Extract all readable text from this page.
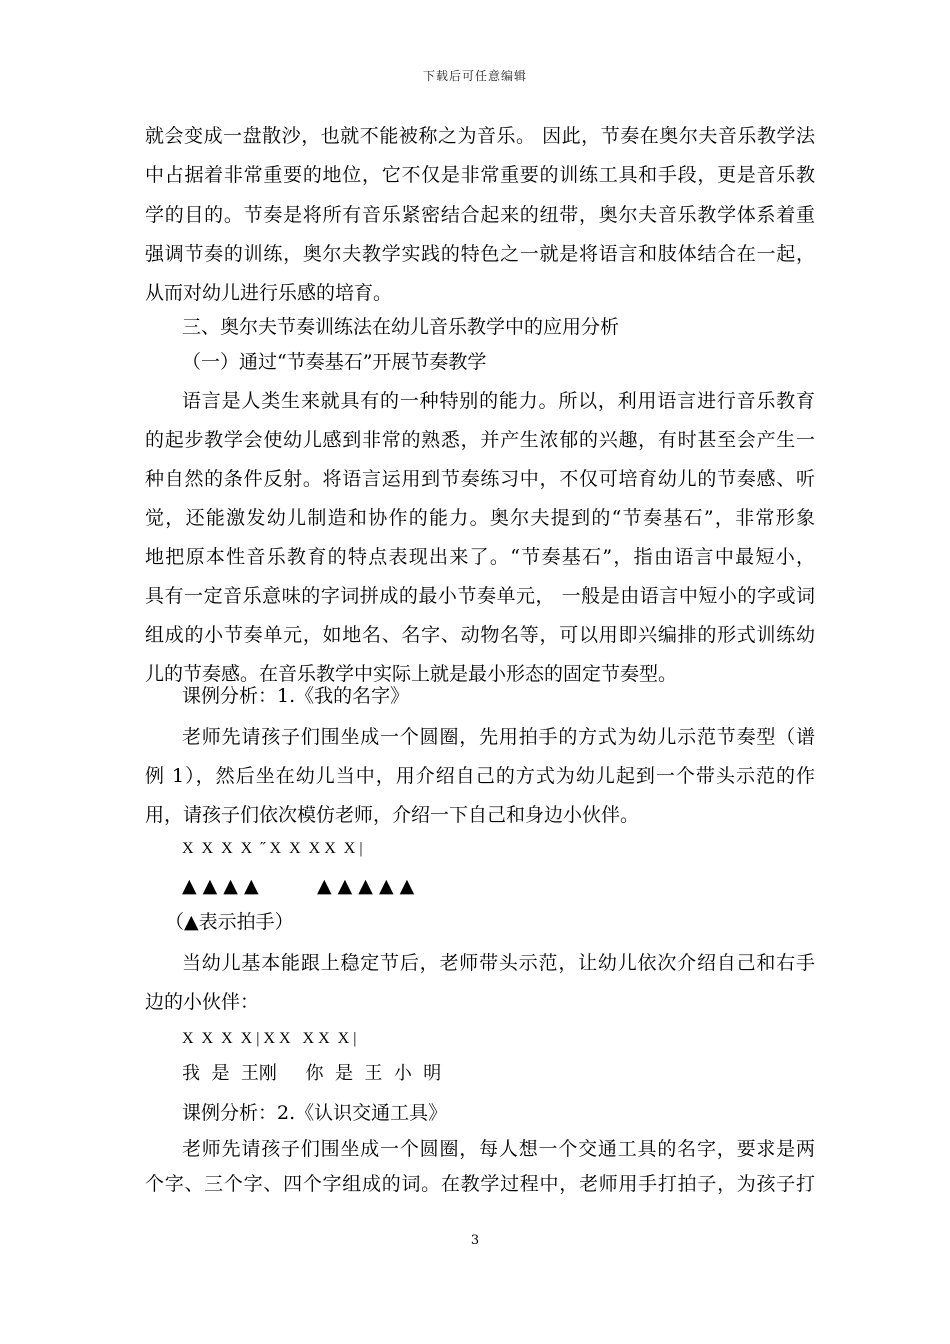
下载后可任意编辑
就会变成一盘散沙，也就不能被称之为音乐。 因此，节奏在奥尔夫音乐教学法
中占据着非常重要的地位，它不仅是非常重要的训练工具和手段，更是音乐教
学的目的。节奏是将所有音乐紧密结合起来的纽带，奥尔夫音乐教学体系着重
强调节奏的训练，奥尔夫教学实践的特色之一就是将语言和肢体结合在一起，
从而对幼儿进行乐感的培育。
三、奥尔夫节奏训练法在幼儿音乐教学中的应用分析
（一）通过“节奏基石”开展节奏教学
语言是人类生来就具有的一种特别的能力。所以，利用语言进行音乐教育
的起步教学会使幼儿感到非常的熟悉，并产生浓郁的兴趣，有时甚至会产生一
种自然的条件反射。将语言运用到节奏练习中，不仅可培育幼儿的节奏感、听
觉，还能激发幼儿制造和协作的能力。奥尔夫提到的“节奏基石”，非常形象
地把原本性音乐教育的特点表现出来了。“节奏基石”，指由语言中最短小，
具有一定音乐意味的字词拼成的最小节奏单元， 一般是由语言中短小的字或词
组成的小节奏单元，如地名、名字、动物名等，可以用即兴编排的形式训练幼
儿的节奏感。在音乐教学中实际上就是最小形态的固定节奏型。
课例分析：1.《我的名字》
老师先请孩子们围坐成一个圆圈，先用拍手的方式为幼儿示范节奏型（谱
例 1），然后坐在幼儿当中，用介绍自己的方式为幼儿起到一个带头示范的作
用，请孩子们依次模仿老师，介绍一下自己和身边小伙伴。
X  X  X  X  ˝ X  X  X X  X |
▲ ▲ ▲ ▲	▲ ▲ ▲ ▲ ▲
（▲表示拍手）
当幼儿基本能跟上稳定节后，老师带头示范，让幼儿依次介绍自己和右手
边的小伙伴：
X  X  X  X | X X   X X  X |
我  是  王刚     你  是  王  小  明
课例分析：2.《认识交通工具》
老师先请孩子们围坐成一个圆圈，每人想一个交通工具的名字，要求是两
个字、三个字、四个字组成的词。在教学过程中，老师用手打拍子，为孩子打
3
